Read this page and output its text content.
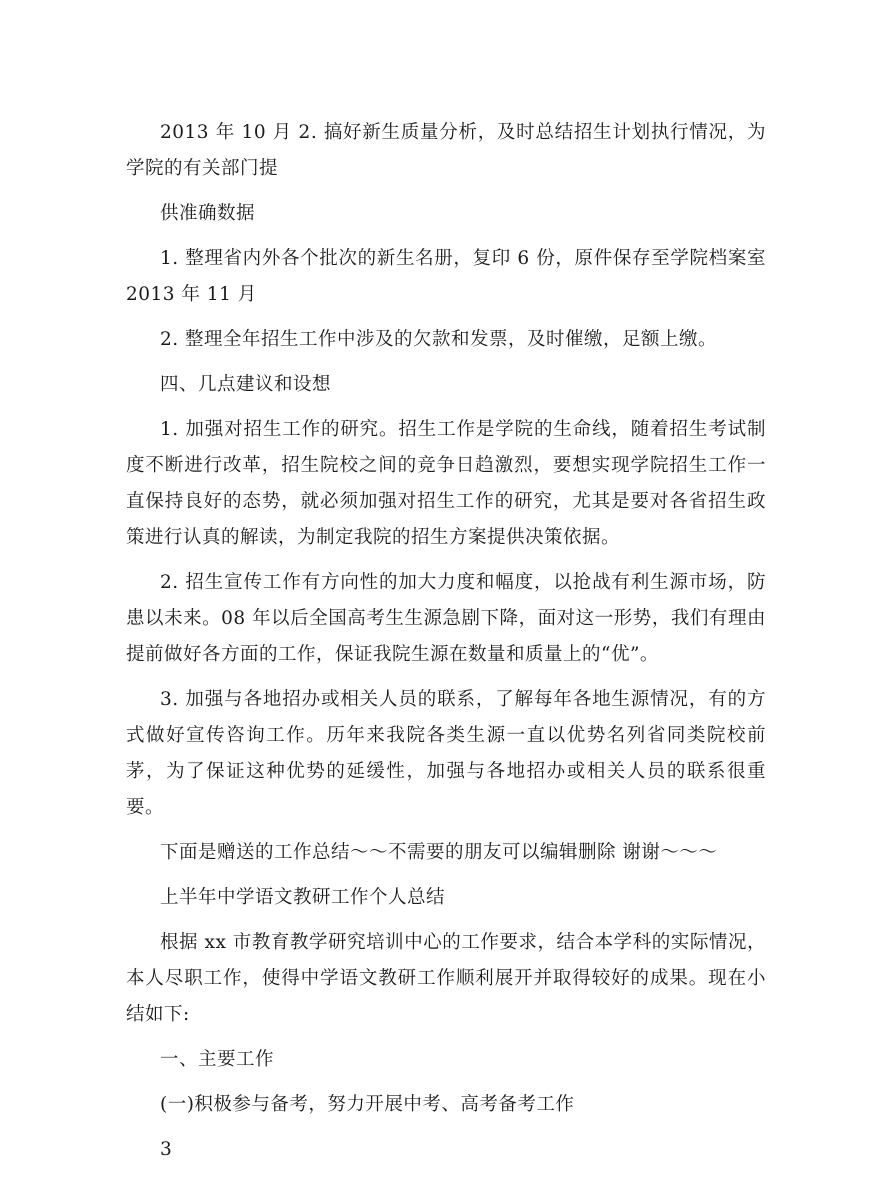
2013 年 10 月 2. 搞好新生质量分析，及时总结招生计划执行情况，为学院的有关部门提

供准确数据

1. 整理省内外各个批次的新生名册，复印 6 份，原件保存至学院档案室 2013 年 11 月

2. 整理全年招生工作中涉及的欠款和发票，及时催缴，足额上缴。

四、几点建议和设想

1. 加强对招生工作的研究。招生工作是学院的生命线，随着招生考试制度不断进行改革，招生院校之间的竞争日趋激烈，要想实现学院招生工作一直保持良好的态势，就必须加强对招生工作的研究，尤其是要对各省招生政策进行认真的解读，为制定我院的招生方案提供决策依据。

2. 招生宣传工作有方向性的加大力度和幅度，以抢战有利生源市场，防患以未来。08 年以后全国高考生生源急剧下降，面对这一形势，我们有理由提前做好各方面的工作，保证我院生源在数量和质量上的“优”。

3. 加强与各地招办或相关人员的联系，了解每年各地生源情况，有的方式做好宣传咨询工作。历年来我院各类生源一直以优势名列省同类院校前茅，为了保证这种优势的延缓性，加强与各地招办或相关人员的联系很重要。

下面是赠送的工作总结～～不需要的朋友可以编辑删除 谢谢～～～

上半年中学语文教研工作个人总结

根据 xx 市教育教学研究培训中心的工作要求，结合本学科的实际情况，本人尽职工作，使得中学语文教研工作顺利展开并取得较好的成果。现在小结如下:

一、主要工作

(一)积极参与备考，努力开展中考、高考备考工作

3
